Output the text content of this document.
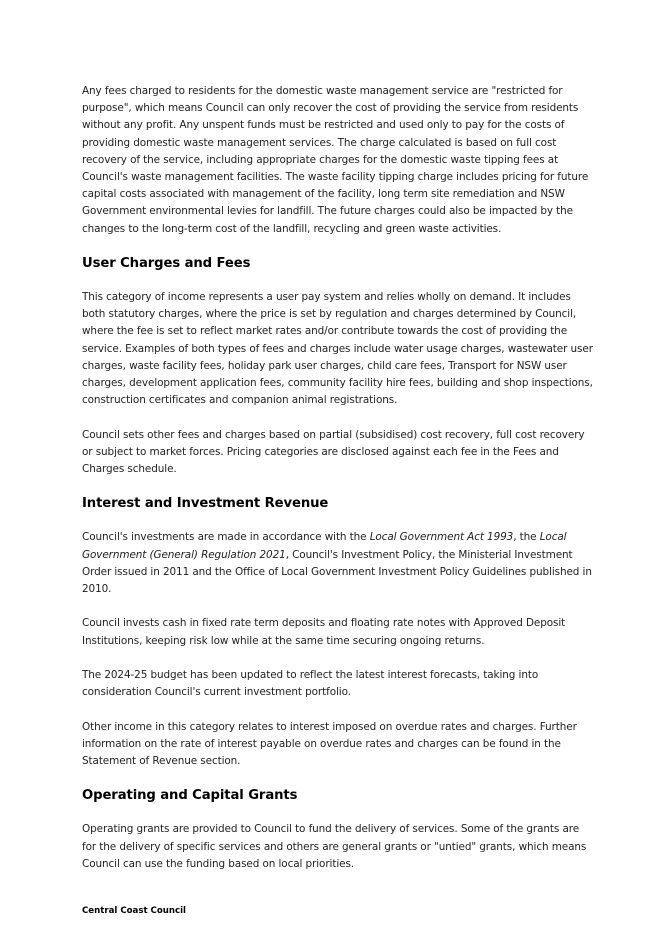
Any fees charged to residents for the domestic waste management service are "restricted for purpose", which means Council can only recover the cost of providing the service from residents without any profit. Any unspent funds must be restricted and used only to pay for the costs of providing domestic waste management services. The charge calculated is based on full cost recovery of the service, including appropriate charges for the domestic waste tipping fees at Council's waste management facilities. The waste facility tipping charge includes pricing for future capital costs associated with management of the facility, long term site remediation and NSW Government environmental levies for landfill. The future charges could also be impacted by the changes to the long-term cost of the landfill, recycling and green waste activities.

User Charges and Fees

This category of income represents a user pay system and relies wholly on demand. It includes both statutory charges, where the price is set by regulation and charges determined by Council, where the fee is set to reflect market rates and/or contribute towards the cost of providing the service. Examples of both types of fees and charges include water usage charges, wastewater user charges, waste facility fees, holiday park user charges, child care fees, Transport for NSW user charges, development application fees, community facility hire fees, building and shop inspections, construction certificates and companion animal registrations.

Council sets other fees and charges based on partial (subsidised) cost recovery, full cost recovery or subject to market forces. Pricing categories are disclosed against each fee in the Fees and Charges schedule.

Interest and Investment Revenue

Council's investments are made in accordance with the Local Government Act 1993, the Local Government (General) Regulation 2021, Council's Investment Policy, the Ministerial Investment Order issued in 2011 and the Office of Local Government Investment Policy Guidelines published in 2010.

Council invests cash in fixed rate term deposits and floating rate notes with Approved Deposit Institutions, keeping risk low while at the same time securing ongoing returns.

The 2024-25 budget has been updated to reflect the latest interest forecasts, taking into consideration Council's current investment portfolio.

Other income in this category relates to interest imposed on overdue rates and charges. Further information on the rate of interest payable on overdue rates and charges can be found in the Statement of Revenue section.

Operating and Capital Grants

Operating grants are provided to Council to fund the delivery of services. Some of the grants are for the delivery of specific services and others are general grants or "untied" grants, which means Council can use the funding based on local priorities.

Central Coast Council
